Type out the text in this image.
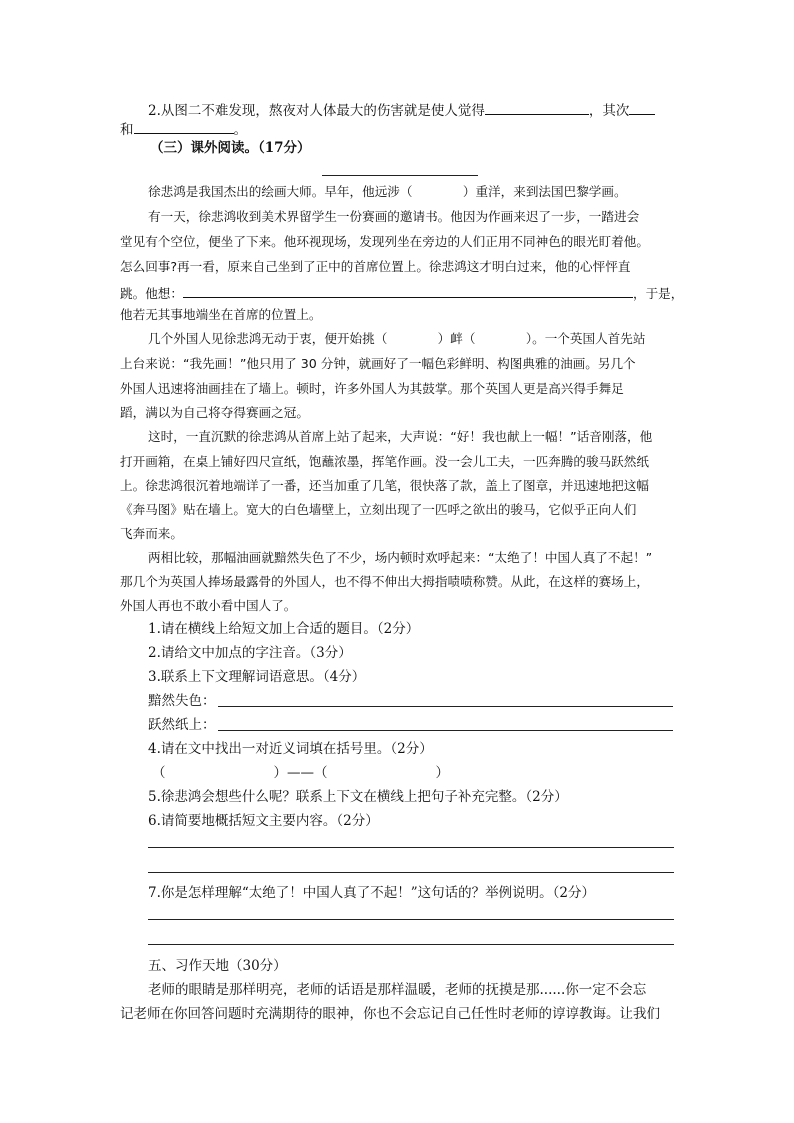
2.从图二不难发现，熬夜对人体最大的伤害就是使人觉得	，其次
和	。
（三）课外阅读。（17分）
徐悲鸿是我国杰出的绘画大师。早年，他远涉（　　　　）重洋，来到法国巴黎学画。
有一天，徐悲鸿收到美术界留学生一份赛画的邀请书。他因为作画来迟了一步，一踏进会
堂见有个空位，便坐了下来。他环视现场，发现列坐在旁边的人们正用不同神色的眼光盯着他。
怎么回事?再一看，原来自己坐到了正中的首席位置上。徐悲鸿这才明白过来，他的心怦怦直
跳。他想：	，于是，
他若无其事地端坐在首席的位置上。
几个外国人见徐悲鸿无动于衷，便开始挑（　　　　）衅（　　　　）。一个英国人首先站
上台来说：“我先画！”他只用了 30 分钟，就画好了一幅色彩鲜明、构图典雅的油画。另几个
外国人迅速将油画挂在了墙上。顿时，许多外国人为其鼓掌。那个英国人更是高兴得手舞足
蹈，满以为自己将夺得赛画之冠。
这时，一直沉默的徐悲鸿从首席上站了起来，大声说：“好！我也献上一幅！”话音刚落，他
打开画箱，在桌上铺好四尺宣纸，饱蘸浓墨，挥笔作画。没一会儿工夫，一匹奔腾的骏马跃然纸
上。徐悲鸿很沉着地端详了一番，还当加重了几笔，很快落了款，盖上了图章，并迅速地把这幅
《奔马图》贴在墙上。宽大的白色墙壁上，立刻出现了一匹呼之欲出的骏马，它似乎正向人们
飞奔而来。
两相比较，那幅油画就黯然失色了不少，场内顿时欢呼起来：“太绝了！中国人真了不起！”
那几个为英国人捧场最露骨的外国人，也不得不伸出大拇指啧啧称赞。从此，在这样的赛场上，
外国人再也不敢小看中国人了。
1.请在横线上给短文加上合适的题目。（2分）
2.请给文中加点的字注音。（3分）
3.联系上下文理解词语意思。（4分）
黯然失色：
跃然纸上：
4.请在文中找出一对近义词填在括号里。（2分）
（　　　　　　　　）——（　　　　　　　　）
5.徐悲鸿会想些什么呢？联系上下文在横线上把句子补充完整。（2分）
6.请简要地概括短文主要内容。（2分）
7.你是怎样理解“太绝了！中国人真了不起！”这句话的？举例说明。（2分）
五、习作天地（30分）
老师的眼睛是那样明亮，老师的话语是那样温暖，老师的抚摸是那......你一定不会忘
记老师在你回答问题时充满期待的眼神，你也不会忘记自己任性时老师的谆谆教诲。让我们
